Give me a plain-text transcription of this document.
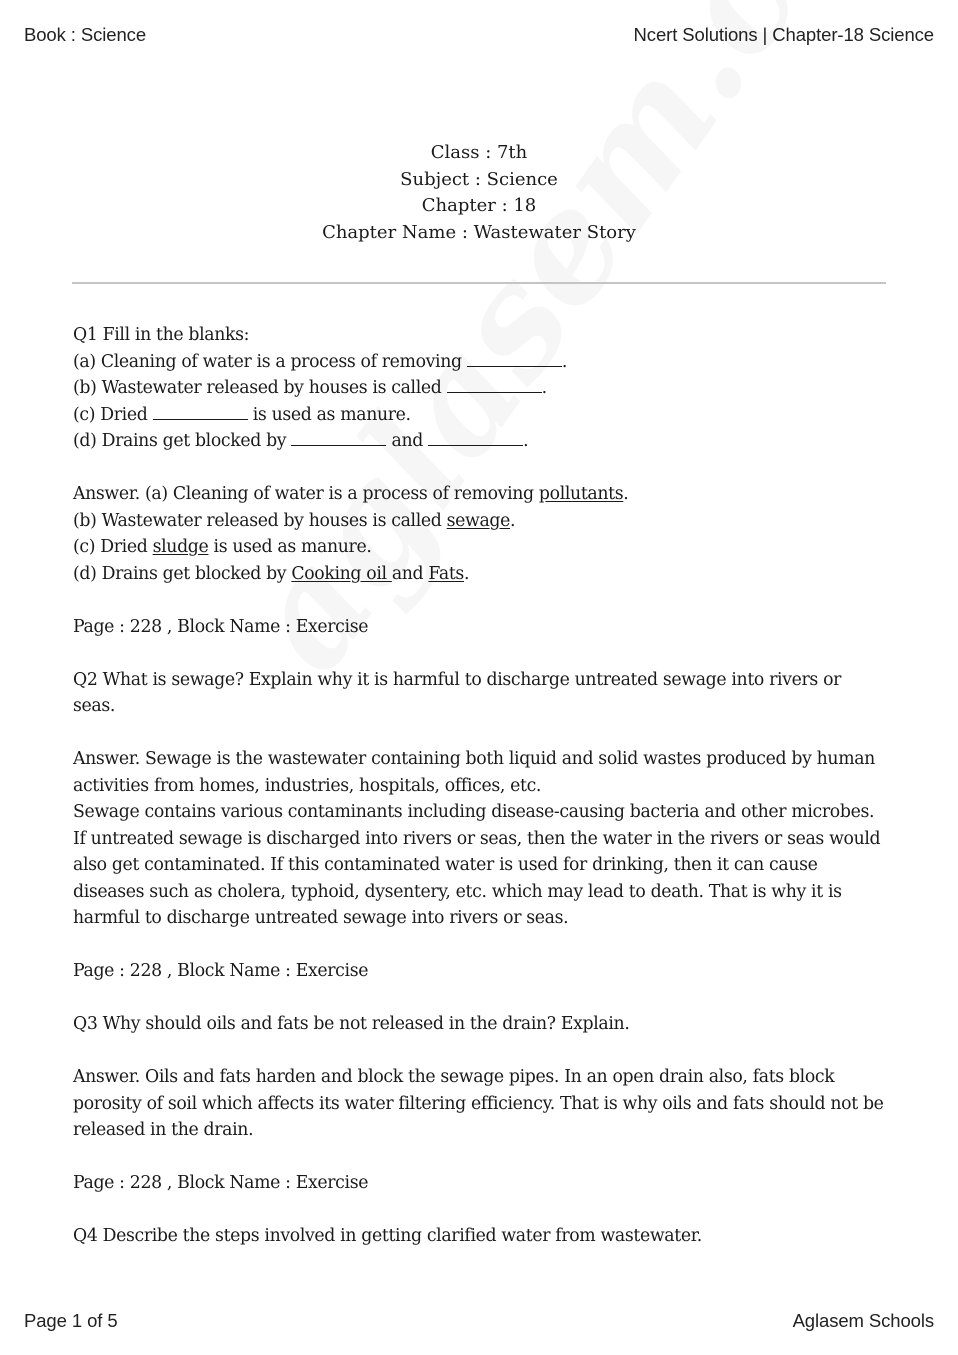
Book : Science	Ncert Solutions | Chapter-18 Science
Class : 7th
Subject : Science
Chapter : 18
Chapter Name : Wastewater Story

Q1 Fill in the blanks:
(a) Cleaning of water is a process of removing	.
(b) Wastewater released by houses is called	.
(c) Dried	is used as manure.
(d) Drains get blocked by	and	.

Answer. (a) Cleaning of water is a process of removing pollutants.
(b) Wastewater released by houses is called sewage.
(c) Dried sludge is used as manure.
(d) Drains get blocked by Cooking oil and Fats.

Page : 228 , Block Name : Exercise

Q2 What is sewage? Explain why it is harmful to discharge untreated sewage into rivers or seas.

Answer. Sewage is the wastewater containing both liquid and solid wastes produced by human activities from homes, industries, hospitals, offices, etc.
Sewage contains various contaminants including disease-causing bacteria and other microbes. If untreated sewage is discharged into rivers or seas, then the water in the rivers or seas would also get contaminated. If this contaminated water is used for drinking, then it can cause diseases such as cholera, typhoid, dysentery, etc. which may lead to death. That is why it is harmful to discharge untreated sewage into rivers or seas.

Page : 228 , Block Name : Exercise

Q3 Why should oils and fats be not released in the drain? Explain.

Answer. Oils and fats harden and block the sewage pipes. In an open drain also, fats block porosity of soil which affects its water filtering efficiency. That is why oils and fats should not be released in the drain.

Page : 228 , Block Name : Exercise

Q4 Describe the steps involved in getting clarified water from wastewater.

Page 1 of 5	Aglasem Schools
